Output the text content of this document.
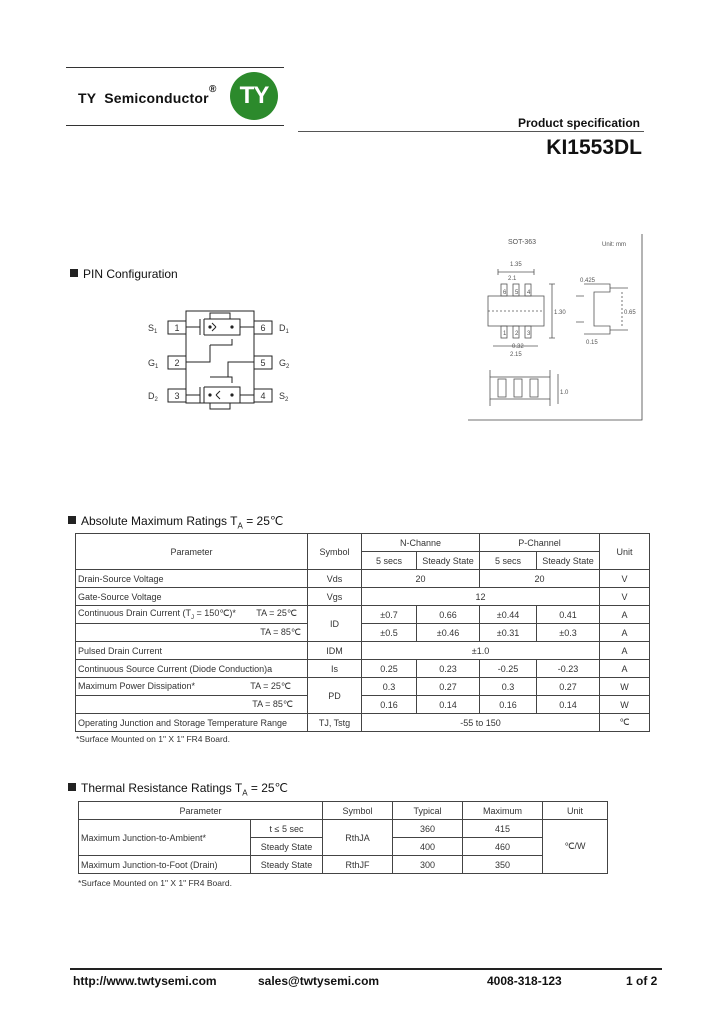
TY  Semiconductor
® TY
Product specification
KI1553DL
PIN Configuration
1
2
3
6
5
4
$S_1$
$G_1$
$D_2$
$D_1$
$G_2$
$S_2$
SOT-363	Unit: mm
1.35
2.1
1.30
0.32
2.15
0.425
0.65
0.15
1.0
6 5 4
1 2 3
Absolute Maximum Ratings $T_A$ = 25℃
Parameter	Symbol	N-Channe		P-Channel		Unit
		5 secs	Steady State	5 secs	Steady State	
Drain-Source Voltage	Vds	20		20		V
Gate-Source Voltage	Vgs	12				V
Continuous Drain Current ($T_J$ = 150℃)* TA = 25℃	ID	±0.7	0.66	±0.44	0.41	A
TA = 85℃		±0.5	±0.46	±0.31	±0.3	A
Pulsed Drain Current	IDM	±1.0				A
Continuous Source Current (Diode Conduction)a	Is	0.25	0.23	-0.25	-0.23	A
Maximum Power Dissipation* TA = 25℃	PD	0.3	0.27	0.3	0.27	W
TA = 85℃		0.16	0.14	0.16	0.14	W
Operating Junction and Storage Temperature Range	TJ, Tstg	-55 to 150				℃
*Surface Mounted on 1" X 1" FR4 Board.
Thermal Resistance Ratings $T_A$ = 25℃
Parameter		Symbol	Typical	Maximum	Unit
Maximum Junction-to-Ambient*	t ≤ 5 sec	RthJA	360	415	℃/W
	Steady State		400	460	
Maximum Junction-to-Foot (Drain)	Steady State	RthJF	300	350	
*Surface Mounted on 1" X 1" FR4 Board.
http://www.twtysemi.com	sales@twtysemi.com	4008-318-123	1 of 2
